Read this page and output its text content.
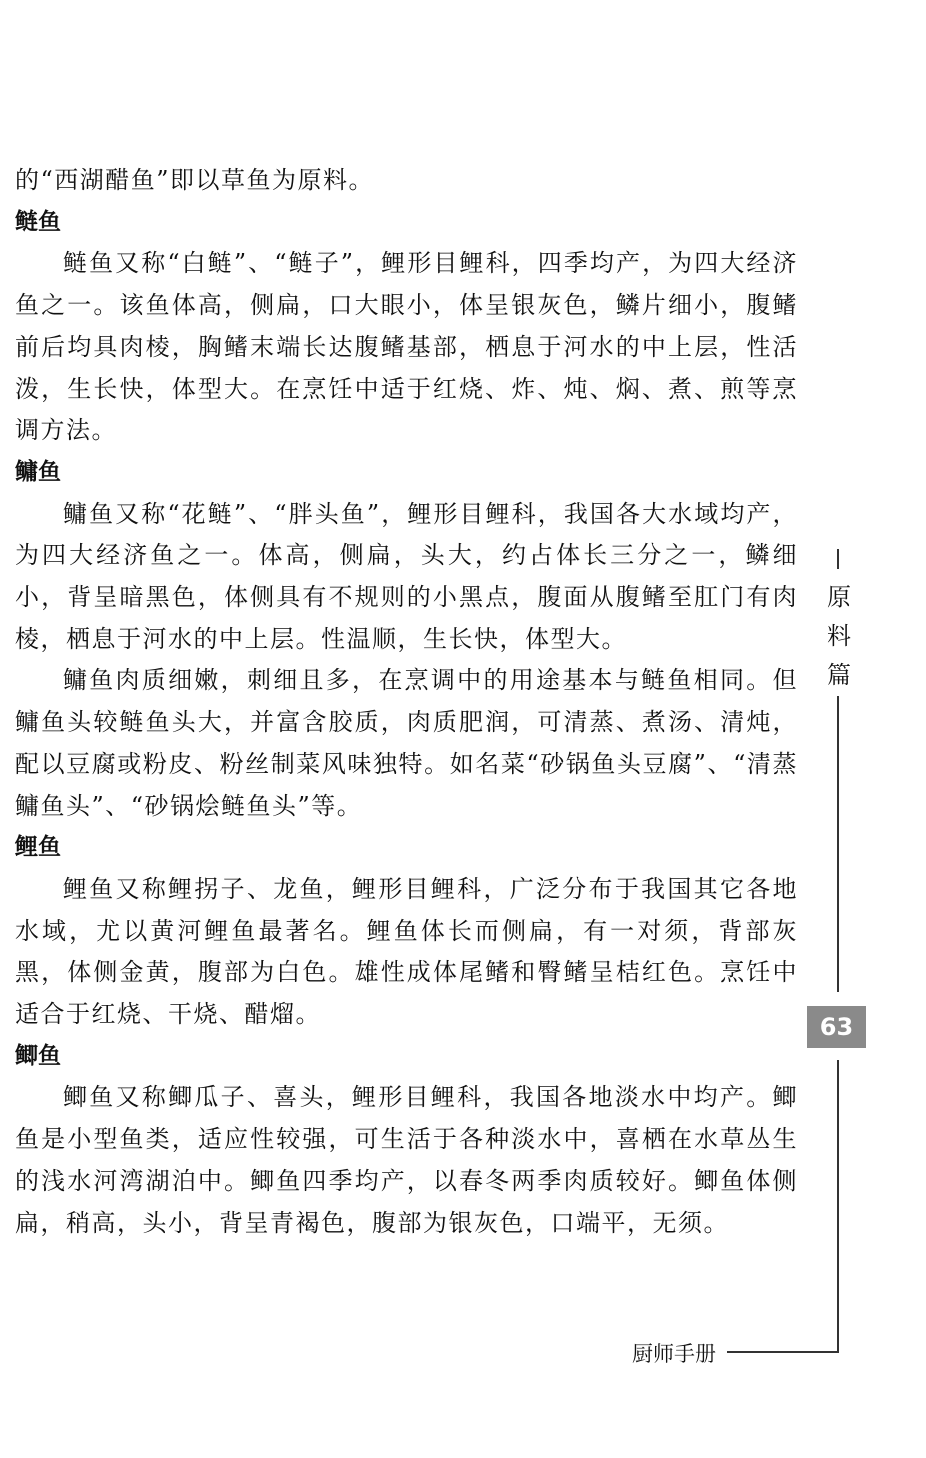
的“西湖醋鱼”即以草鱼为原料。

鲢鱼

鲢鱼又称“白鲢”、“鲢子”，鲤形目鲤科，四季均产，为四大经济鱼之一。该鱼体高，侧扁，口大眼小，体呈银灰色，鳞片细小，腹鳍前后均具肉棱，胸鳍末端长达腹鳍基部，栖息于河水的中上层，性活泼，生长快，体型大。在烹饪中适于红烧、炸、炖、焖、煮、煎等烹调方法。

鳙鱼

鳙鱼又称“花鲢”、“胖头鱼”，鲤形目鲤科，我国各大水域均产，为四大经济鱼之一。体高，侧扁，头大，约占体长三分之一，鳞细小，背呈暗黑色，体侧具有不规则的小黑点，腹面从腹鳍至肛门有肉棱，栖息于河水的中上层。性温顺，生长快，体型大。

鳙鱼肉质细嫩，刺细且多，在烹调中的用途基本与鲢鱼相同。但鳙鱼头较鲢鱼头大，并富含胶质，肉质肥润，可清蒸、煮汤、清炖，配以豆腐或粉皮、粉丝制菜风味独特。如名菜“砂锅鱼头豆腐”、“清蒸鳙鱼头”、“砂锅烩鲢鱼头”等。

鲤鱼

鲤鱼又称鲤拐子、龙鱼，鲤形目鲤科，广泛分布于我国其它各地水域，尤以黄河鲤鱼最著名。鲤鱼体长而侧扁，有一对须，背部灰黑，体侧金黄，腹部为白色。雄性成体尾鳍和臀鳍呈桔红色。烹饪中适合于红烧、干烧、醋熘。

鲫鱼

鲫鱼又称鲫瓜子、喜头，鲤形目鲤科，我国各地淡水中均产。鲫鱼是小型鱼类，适应性较强，可生活于各种淡水中，喜栖在水草丛生的浅水河湾湖泊中。鲫鱼四季均产，以春冬两季肉质较好。鲫鱼体侧扁，稍高，头小，背呈青褐色，腹部为银灰色，口端平，无须。

原
料
篇
63
厨师手册
